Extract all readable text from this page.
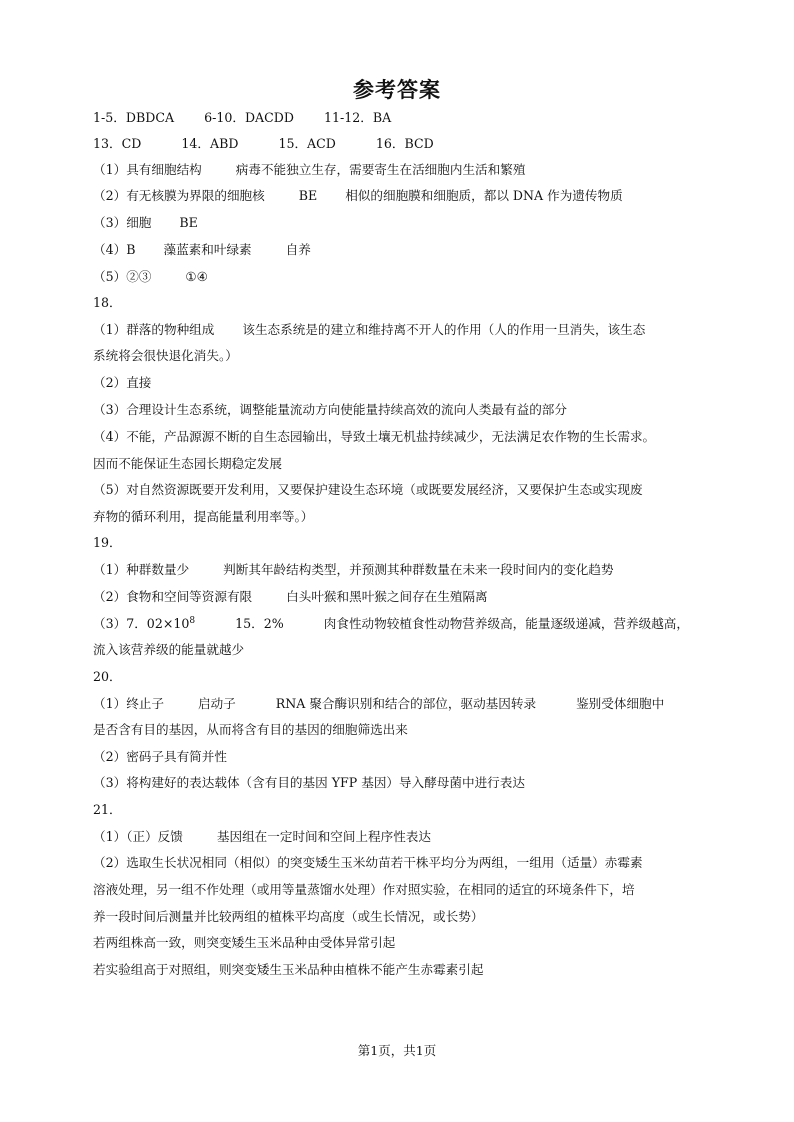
参考答案
1-5．DBDCA 6-10．DACDD 11-12．BA
13．CD	14．ABD	15．ACD	16．BCD
（1）具有细胞结构	病毒不能独立生存，需要寄生在活细胞内生活和繁殖
（2）有无核膜为界限的细胞核	BE 相似的细胞膜和细胞质，都以 DNA 作为遗传物质
（3）细胞 BE
（4）B 藻蓝素和叶绿素	自养
（5）②③	①④
18．
（1）群落的物种组成 该生态系统是的建立和维持离不开人的作用（人的作用一旦消失，该生态
系统将会很快退化消失。）
（2）直接
（3）合理设计生态系统，调整能量流动方向使能量持续高效的流向人类最有益的部分
（4）不能，产品源源不断的自生态园输出，导致土壤无机盐持续减少，无法满足农作物的生长需求。
因而不能保证生态园长期稳定发展
（5）对自然资源既要开发利用，又要保护建设生态环境（或既要发展经济，又要保护生态或实现废
弃物的循环利用，提高能量利用率等。）
19．
（1）种群数量少	判断其年龄结构类型，并预测其种群数量在未来一段时间内的变化趋势
（2）食物和空间等资源有限	白头叶猴和黑叶猴之间存在生殖隔离
（3）7．$02\times 10^8$	15．2%	肉食性动物较植食性动物营养级高，能量逐级递减，营养级越高，
流入该营养级的能量就越少
20．
（1）终止子	启动子	RNA 聚合酶识别和结合的部位，驱动基因转录	鉴别受体细胞中
是否含有目的基因，从而将含有目的基因的细胞筛选出来
（2）密码子具有简并性
（3）将构建好的表达载体（含有目的基因 YFP 基因）导入酵母菌中进行表达
21．
（1）（正）反馈	基因组在一定时间和空间上程序性表达
（2）选取生长状况相同（相似）的突变矮生玉米幼苗若干株平均分为两组，一组用（适量）赤霉素
溶液处理，另一组不作处理（或用等量蒸馏水处理）作对照实验，在相同的适宜的环境条件下，培
养一段时间后测量并比较两组的植株平均高度（或生长情况，或长势）
若两组株高一致，则突变矮生玉米品种由受体异常引起
若实验组高于对照组，则突变矮生玉米品种由植株不能产生赤霉素引起
第1页，共1页
